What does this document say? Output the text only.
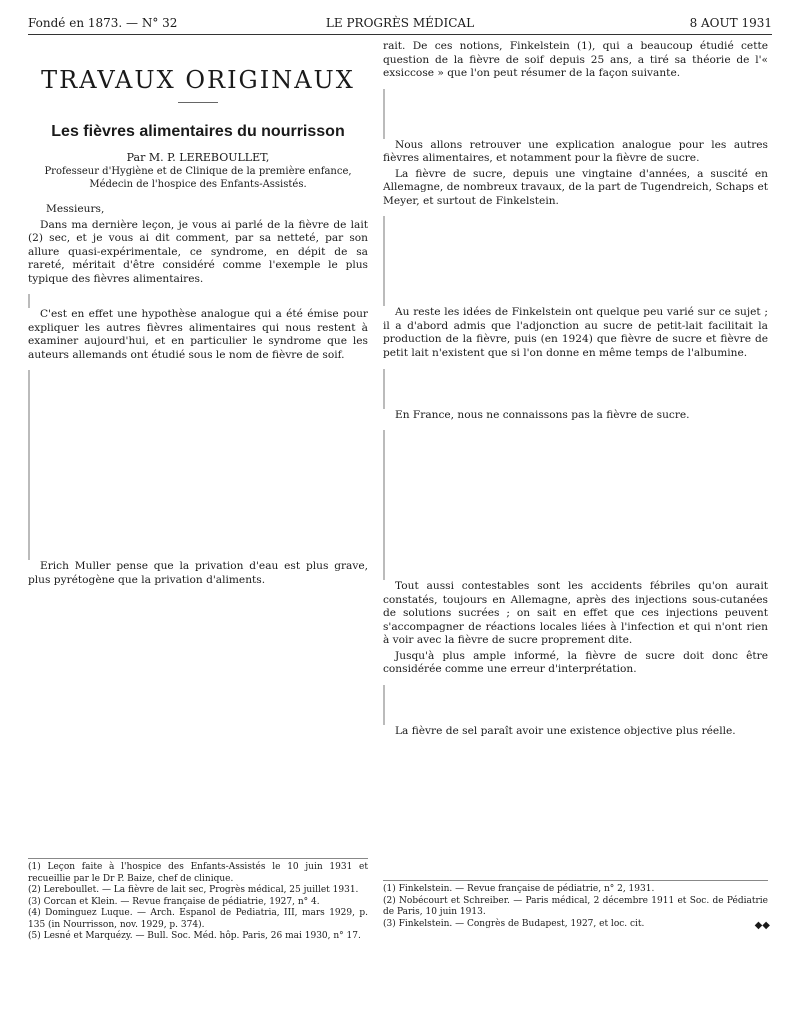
Fondé en 1873. — N° 32	LE PROGRÈS MÉDICAL	8 AOUT 1931
TRAVAUX ORIGINAUX
Les fièvres alimentaires du nourrisson
Par M. P. LEREBOULLET,
Professeur d'Hygiène et de Clinique de la première enfance,
Médecin de l'hospice des Enfants-Assistés.

Messieurs,

Dans ma dernière leçon, je vous ai parlé de la fièvre de lait (2) sec, et je vous ai dit comment, par sa netteté, par son allure quasi-expérimentale, ce syndrome, en dépit de sa rareté, méritait d'être considéré comme l'exemple le plus typique des fièvres alimentaires.

C'est en effet une hypothèse analogue qui a été émise pour expliquer les autres fièvres alimentaires qui nous restent à examiner aujourd'hui, et en particulier le syndrome que les auteurs allemands ont étudié sous le nom de fièvre de soif.

Erich Muller pense que la privation d'eau est plus grave, plus pyrétogène que la privation d'aliments.

rait. De ces notions, Finkelstein (1), qui a beaucoup étudié cette question de la fièvre de soif depuis 25 ans, a tiré sa théorie de l'« exsiccose » que l'on peut résumer de la façon suivante.

Nous allons retrouver une explication analogue pour les autres fièvres alimentaires, et notamment pour la fièvre de sucre.

La fièvre de sucre, depuis une vingtaine d'années, a suscité en Allemagne, de nombreux travaux, de la part de Tugendreich, Schaps et Meyer, et surtout de Finkelstein.

Au reste les idées de Finkelstein ont quelque peu varié sur ce sujet ; il a d'abord admis que l'adjonction au sucre de petit-lait facilitait la production de la fièvre, puis (en 1924) que fièvre de sucre et fièvre de petit lait n'existent que si l'on donne en même temps de l'albumine.

En France, nous ne connaissons pas la fièvre de sucre.

Tout aussi contestables sont les accidents fébriles qu'on aurait constatés, toujours en Allemagne, après des injections sous-cutanées de solutions sucrées ; on sait en effet que ces injections peuvent s'accompagner de réactions locales liées à l'infection et qui n'ont rien à voir avec la fièvre de sucre proprement dite.

Jusqu'à plus ample informé, la fièvre de sucre doit donc être considérée comme une erreur d'interprétation.

La fièvre de sel paraît avoir une existence objective plus réelle.

(1) Leçon faite à l'hospice des Enfants-Assistés le 10 juin 1931 et recueillie par le Dr P. Baize, chef de clinique.

(2) Lereboullet. — La fièvre de lait sec, Progrès médical, 25 juillet 1931.

(3) Corcan et Klein. — Revue française de pédiatrie, 1927, n° 4.

(4) Dominguez Luque. — Arch. Espanol de Pediatria, III, mars 1929, p. 135 (in Nourrisson, nov. 1929, p. 374).

(5) Lesné et Marquézy. — Bull. Soc. Méd. hôp. Paris, 26 mai 1930, n° 17.

(1) Finkelstein. — Revue française de pédiatrie, n° 2, 1931.

(2) Nobécourt et Schreiber. — Paris médical, 2 décembre 1911 et Soc. de Pédiatrie de Paris, 10 juin 1913.

(3) Finkelstein. — Congrès de Budapest, 1927, et loc. cit.	◆◆
